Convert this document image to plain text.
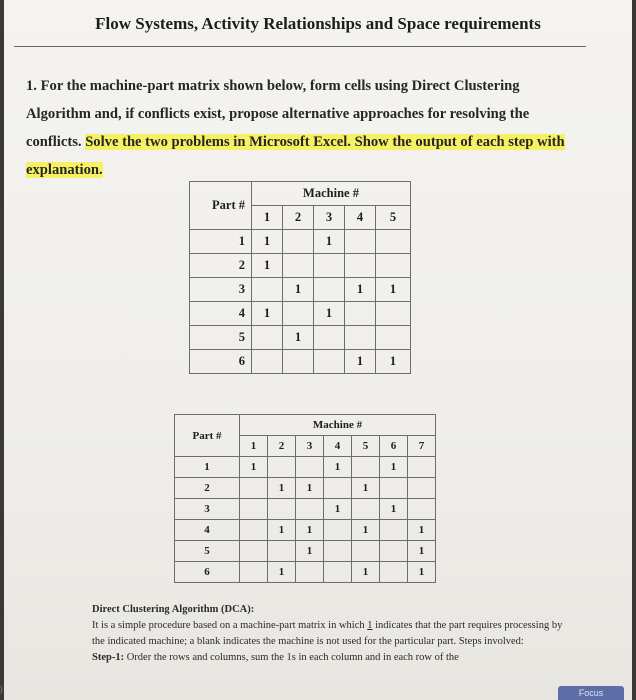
Flow Systems, Activity Relationships and Space requirements
1. For the machine-part matrix shown below, form cells using Direct Clustering Algorithm and, if conflicts exist, propose alternative approaches for resolving the conflicts. Solve the two problems in Microsoft Excel. Show the output of each step with explanation.
Part #	Machine #				
	1	2	3	4	5
1	1		1		
2	1				
3		1		1	1
4	1		1		
5		1			
6				1	1
Part #	Machine #						
	1	2	3	4	5	6	7
1	1			1		1	
2		1	1		1		
3				1		1	
4		1	1		1		1
5			1				1
6		1			1		1
Direct Clustering Algorithm (DCA):
It is a simple procedure based on a machine-part matrix in which 1 indicates that the part requires processing by the indicated machine; a blank indicates the machine is not used for the particular part. Steps involved:
Step-1: Order the rows and columns, sum the 1s in each column and in each row of the
Focus
)
